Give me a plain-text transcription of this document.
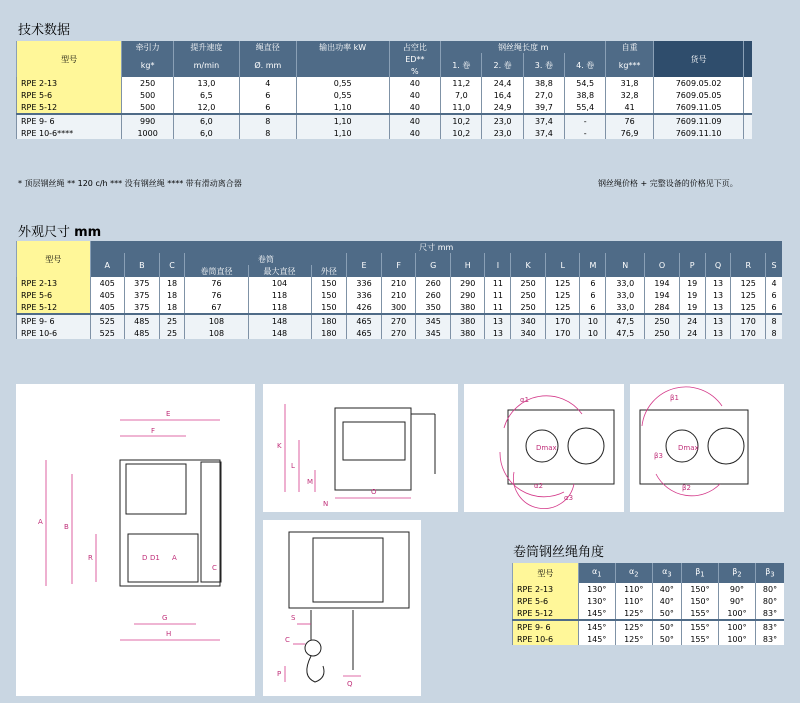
技术数据
型号	牵引力	提升速度	绳直径	输出功率 kW	占空比	钢丝绳长度 m				自重	货号	
	kg*	m/min	Ø. mm		ED**	1. 卷	2. 卷	3. 卷	4. 卷	kg***		
					%							
RPE 2-13	250	13,0	4	0,55	40	11,2	24,4	38,8	54,5	31,8	7609.05.02	
RPE 5-6	500	6,5	6	0,55	40	7,0	16,4	27,0	38,8	32,8	7609.05.05	
RPE 5-12	500	12,0	6	1,10	40	11,0	24,9	39,7	55,4	41	7609.11.05	
RPE 9- 6	990	6,0	8	1,10	40	10,2	23,0	37,4	-	76	7609.11.09	
RPE 10-6****	1000	6,0	8	1,10	40	10,2	23,0	37,4	-	76,9	7609.11.10	
* 顶层钢丝绳 ** 120 c/h *** 没有钢丝绳 **** 带有滑动离合器	钢丝绳价格 + 完整设备的价格见下页。
外观尺寸 mm
型号	尺寸 mm																			
	A	B	C	卷筒			E	F	G	H	I	K	L	M	N	O	P	Q	R	S
				卷筒直径	最大直径	外径														
RPE 2-13	405	375	18	76	104	150	336	210	260	290	11	250	125	6	33,0	194	19	13	125	4
RPE 5-6	405	375	18	76	118	150	336	210	260	290	11	250	125	6	33,0	194	19	13	125	6
RPE 5-12	405	375	18	67	118	150	426	300	350	380	11	250	125	6	33,0	284	19	13	125	6
RPE 9- 6	525	485	25	108	148	180	465	270	345	380	13	340	170	10	47,5	250	24	13	170	8
RPE 10-6	525	485	25	108	148	180	465	270	345	380	13	340	170	10	47,5	250	24	13	170	8
E
F
A
B
R	D D1 A
C
G
H
K
L
M
N
O
α1
α2
α3
Dmax
β1
β2
β3
Dmax
S
C
P
Q
卷筒钢丝绳角度
型号	$\alpha_1$	$\alpha_2$	$\alpha_3$	$\beta_1$	$\beta_2$	$\beta_3$
RPE 2-13	130°	110°	40°	150°	90°	80°
RPE 5-6	130°	110°	40°	150°	90°	80°
RPE 5-12	145°	125°	50°	155°	100°	83°
RPE 9- 6	145°	125°	50°	155°	100°	83°
RPE 10-6	145°	125°	50°	155°	100°	83°
